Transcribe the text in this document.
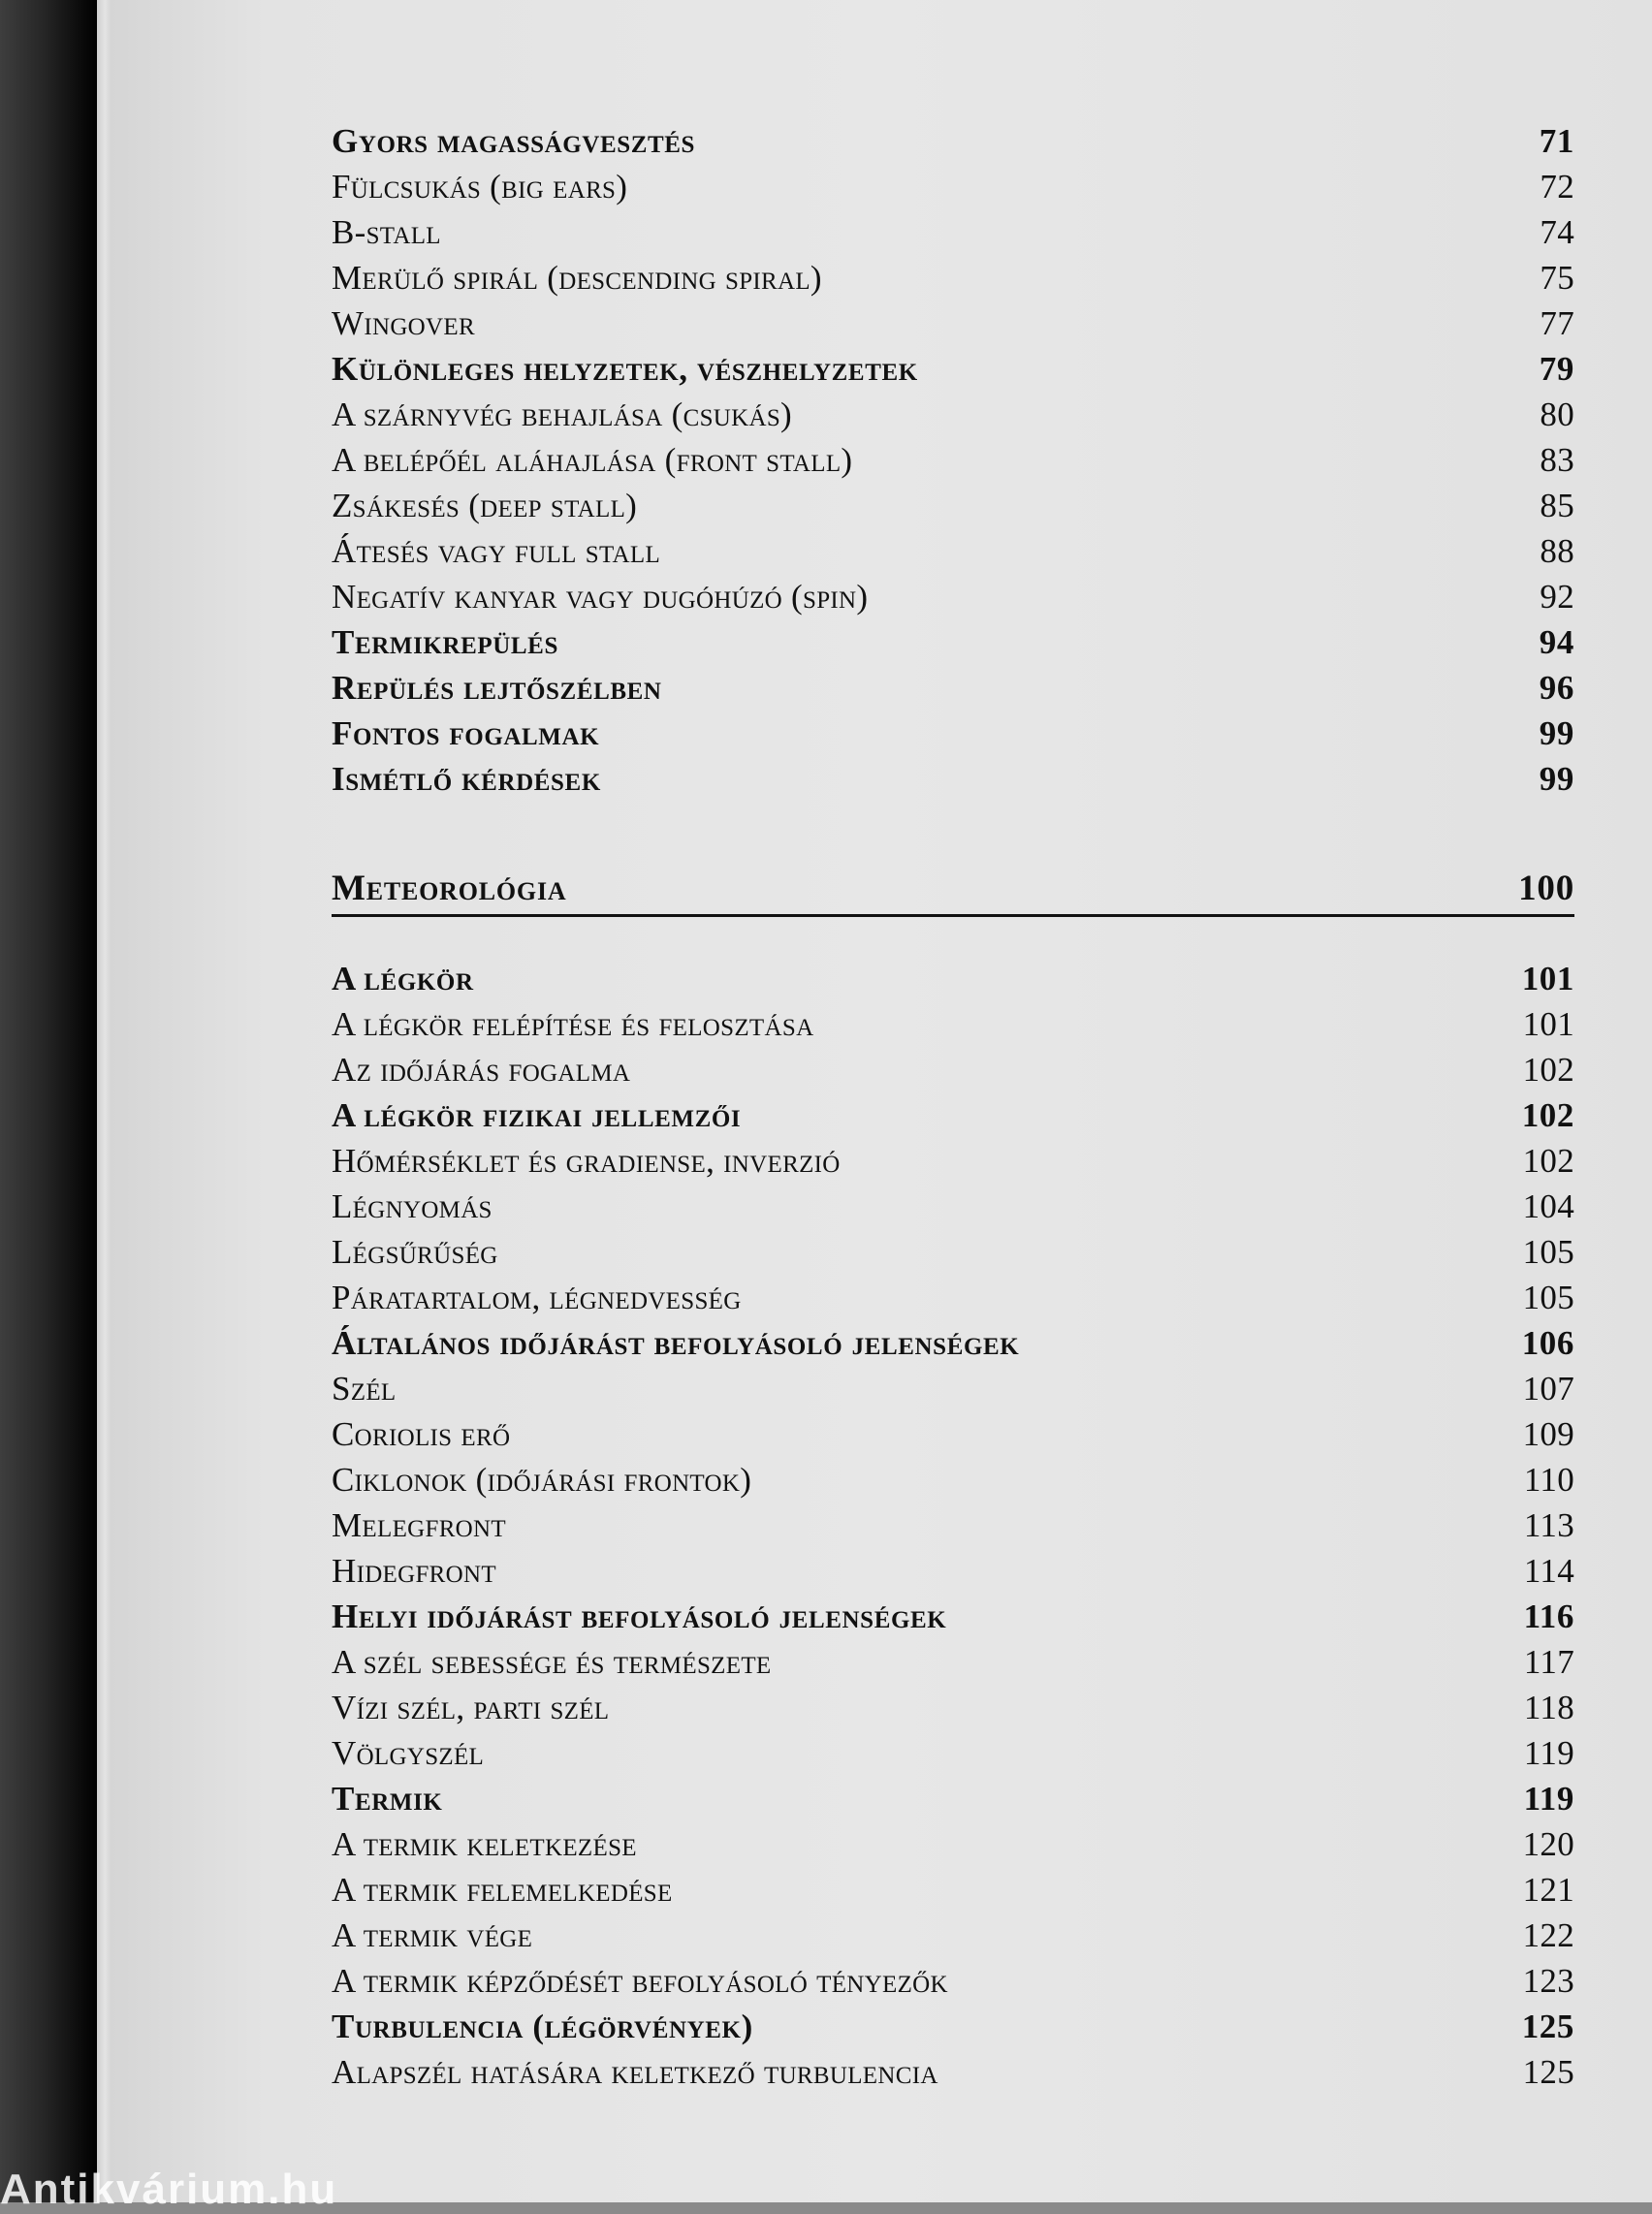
Gyors magasságvesztés	71
Fülcsukás (big ears)	72
B-stall	74
Merülő spirál (descending spiral)	75
Wingover	77
Különleges helyzetek, vészhelyzetek	79
A szárnyvég behajlása (csukás)	80
A belépőél aláhajlása (front stall)	83
Zsákesés (deep stall)	85
Átesés vagy full stall	88
Negatív kanyar vagy dugóhúzó (spin)	92
Termikrepülés	94
Repülés lejtőszélben	96
Fontos fogalmak	99
Ismétlő kérdések	99
Meteorológia	100
A légkör	101
A légkör felépítése és felosztása	101
Az időjárás fogalma	102
A légkör fizikai jellemzői	102
Hőmérséklet és gradiense, inverzió	102
Légnyomás	104
Légsűrűség	105
Páratartalom, légnedvesség	105
Általános időjárást befolyásoló jelenségek	106
Szél	107
Coriolis erő	109
Ciklonok (időjárási frontok)	110
Melegfront	113
Hidegfront	114
Helyi időjárást befolyásoló jelenségek	116
A szél sebessége és természete	117
Vízi szél, parti szél	118
Völgyszél	119
Termik	119
A termik keletkezése	120
A termik felemelkedése	121
A termik vége	122
A termik képződését befolyásoló tényezők	123
Turbulencia (légörvények)	125
Alapszél hatására keletkező turbulencia	125
Antikvárium.hu
